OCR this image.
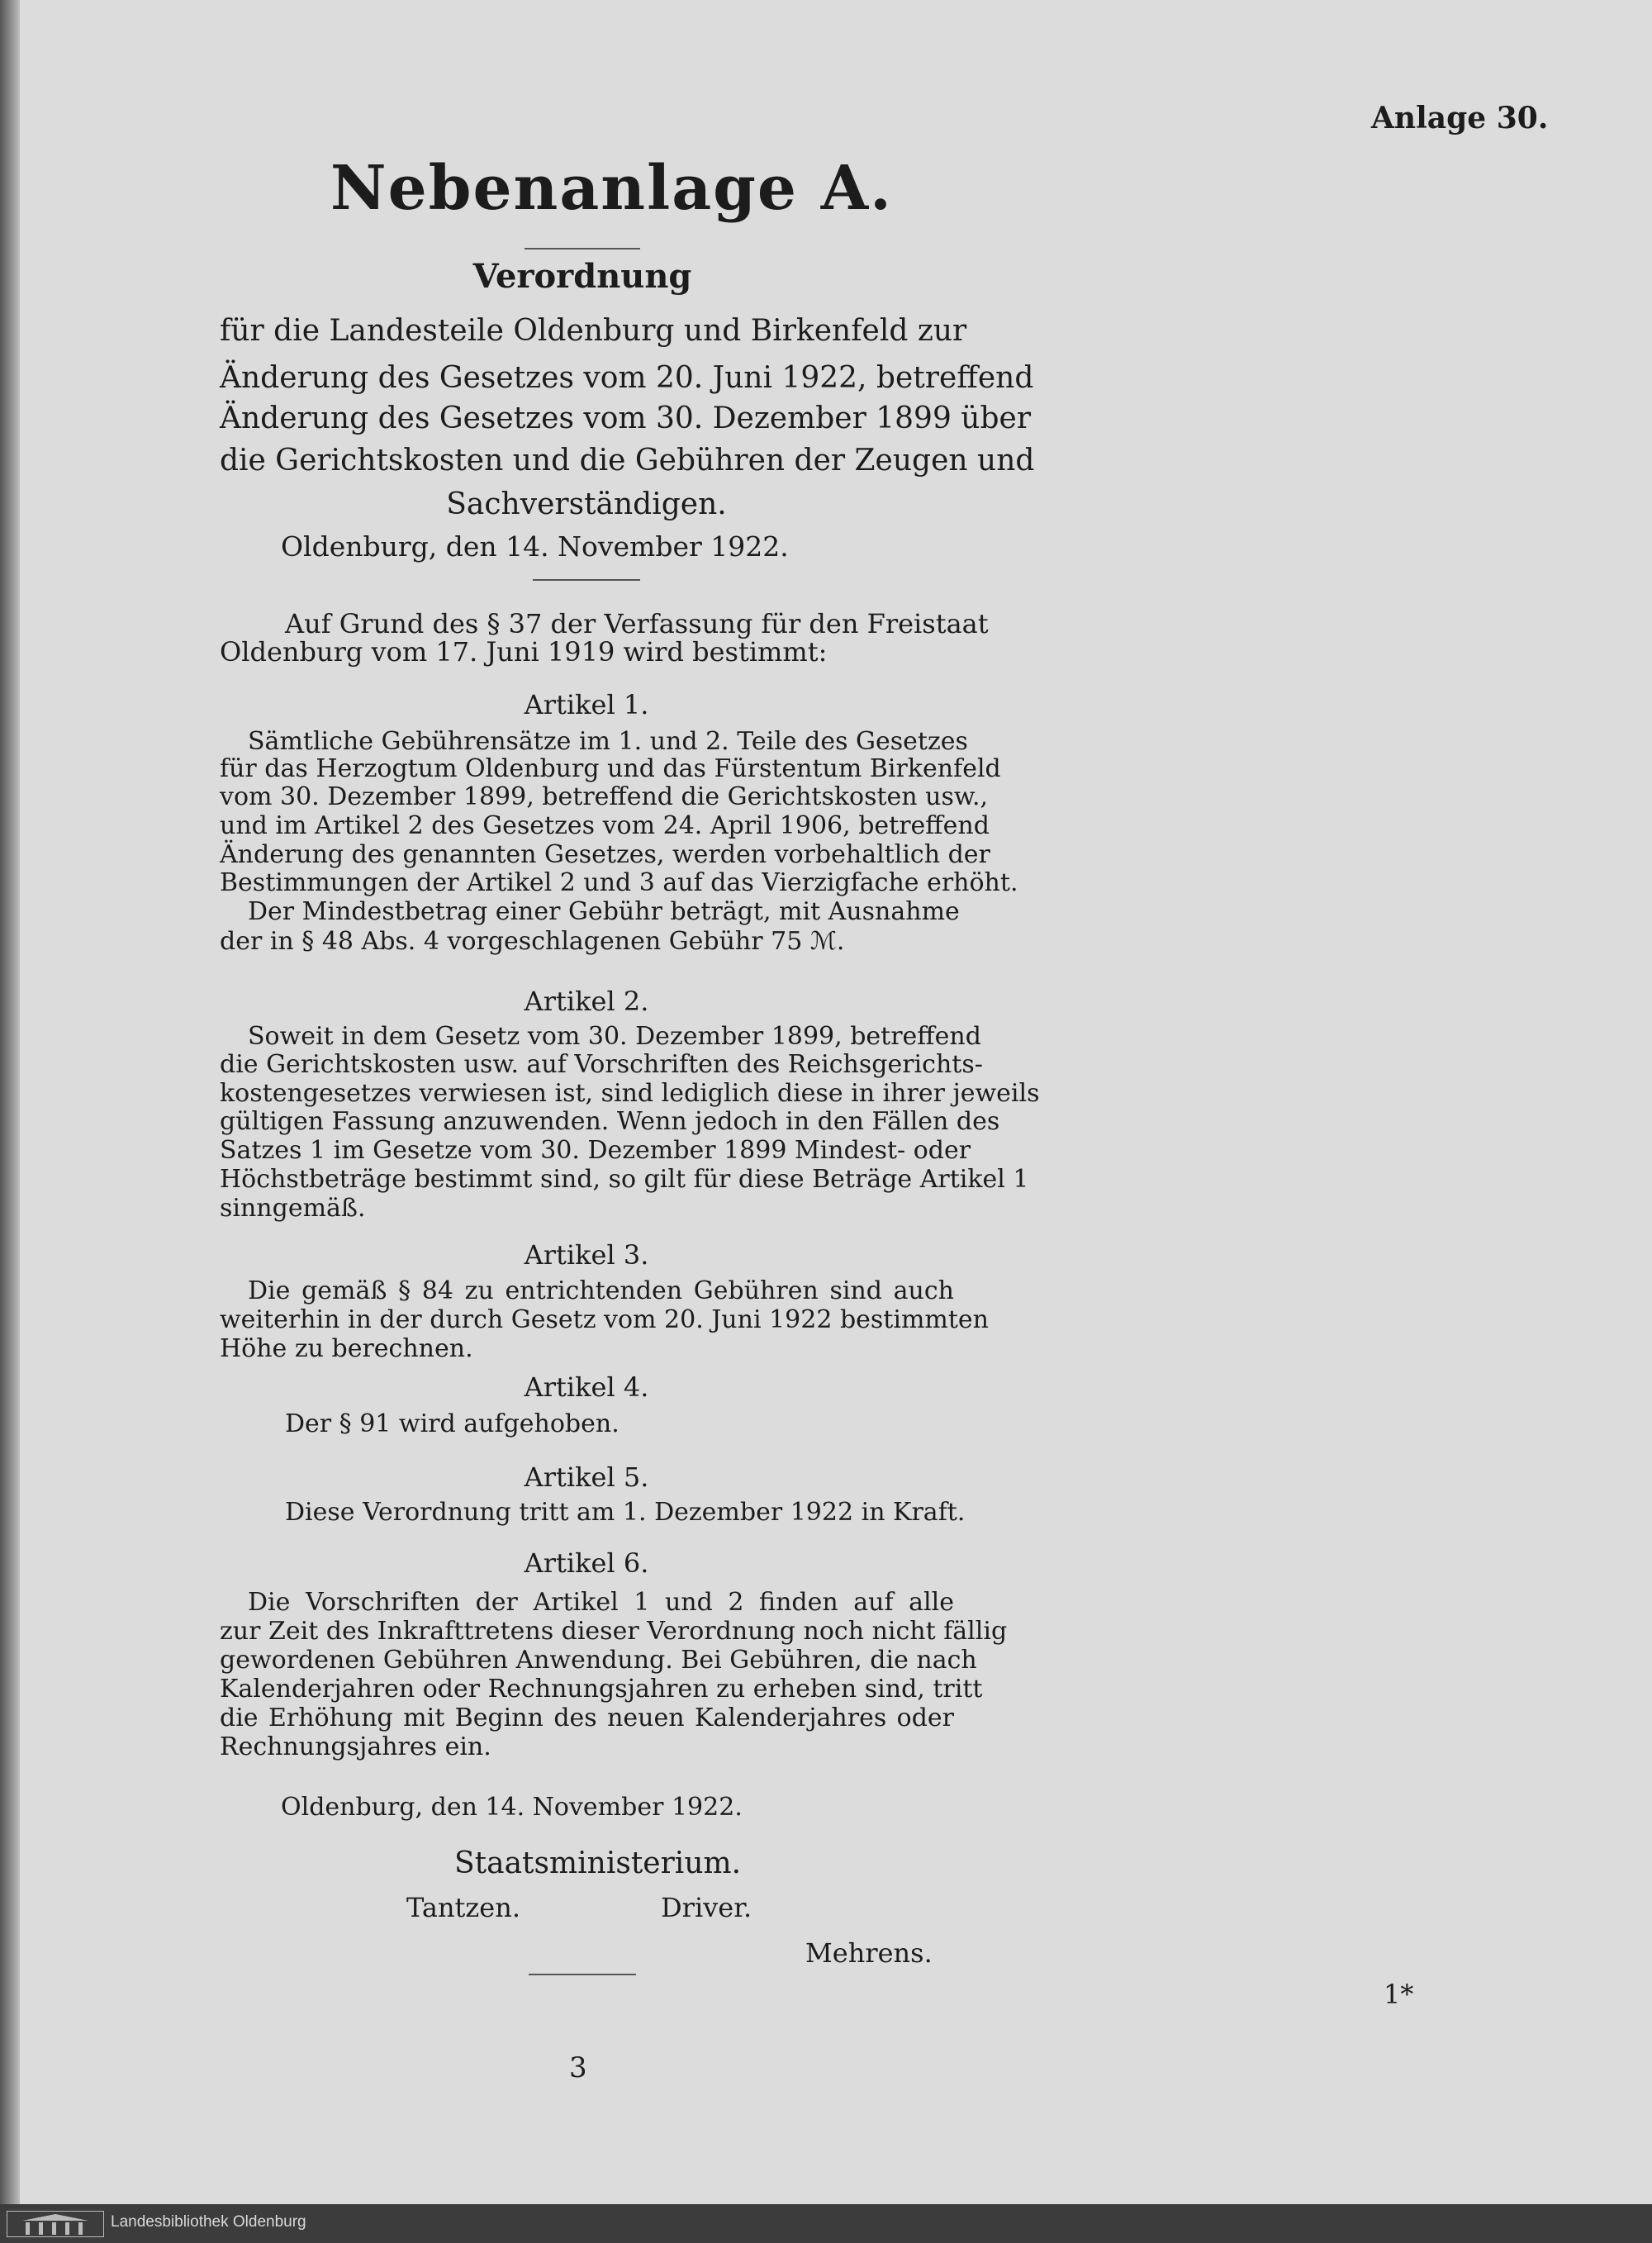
Anlage 30.
Nebenanlage A.
Verordnung
für die Landesteile Oldenburg und Birkenfeld zur
Änderung des Gesetzes vom 20. Juni 1922, betreffend
Änderung des Gesetzes vom 30. Dezember 1899 über
die Gerichtskosten und die Gebühren der Zeugen und
Sachverständigen.
Oldenburg, den 14. November 1922.
Auf Grund des § 37 der Verfassung für den Freistaat
Oldenburg vom 17. Juni 1919 wird bestimmt:
Artikel 1.
Sämtliche Gebührensätze im 1. und 2. Teile des Gesetzes
für das Herzogtum Oldenburg und das Fürstentum Birkenfeld
vom 30. Dezember 1899, betreffend die Gerichtskosten usw.,
und im Artikel 2 des Gesetzes vom 24. April 1906, betreffend
Änderung des genannten Gesetzes, werden vorbehaltlich der
Bestimmungen der Artikel 2 und 3 auf das Vierzigfache erhöht.
Der Mindestbetrag einer Gebühr beträgt, mit Ausnahme
der in § 48 Abs. 4 vorgeschlagenen Gebühr 75 ℳ.
Artikel 2.
Soweit in dem Gesetz vom 30. Dezember 1899, betreffend
die Gerichtskosten usw. auf Vorschriften des Reichsgerichts-
kostengesetzes verwiesen ist, sind lediglich diese in ihrer jeweils
gültigen Fassung anzuwenden. Wenn jedoch in den Fällen des
Satzes 1 im Gesetze vom 30. Dezember 1899 Mindest- oder
Höchstbeträge bestimmt sind, so gilt für diese Beträge Artikel 1
sinngemäß.
Artikel 3.
Die gemäß § 84 zu entrichtenden Gebühren sind auch
weiterhin in der durch Gesetz vom 20. Juni 1922 bestimmten
Höhe zu berechnen.
Artikel 4.
Der § 91 wird aufgehoben.
Artikel 5.
Diese Verordnung tritt am 1. Dezember 1922 in Kraft.
Artikel 6.
Die Vorschriften der Artikel 1 und 2 finden auf alle
zur Zeit des Inkrafttretens dieser Verordnung noch nicht fällig
gewordenen Gebühren Anwendung. Bei Gebühren, die nach
Kalenderjahren oder Rechnungsjahren zu erheben sind, tritt
die Erhöhung mit Beginn des neuen Kalenderjahres oder
Rechnungsjahres ein.
Oldenburg, den 14. November 1922.
Staatsministerium.
Tantzen.	Driver.
Mehrens.
3
1*
Landesbibliothek Oldenburg
